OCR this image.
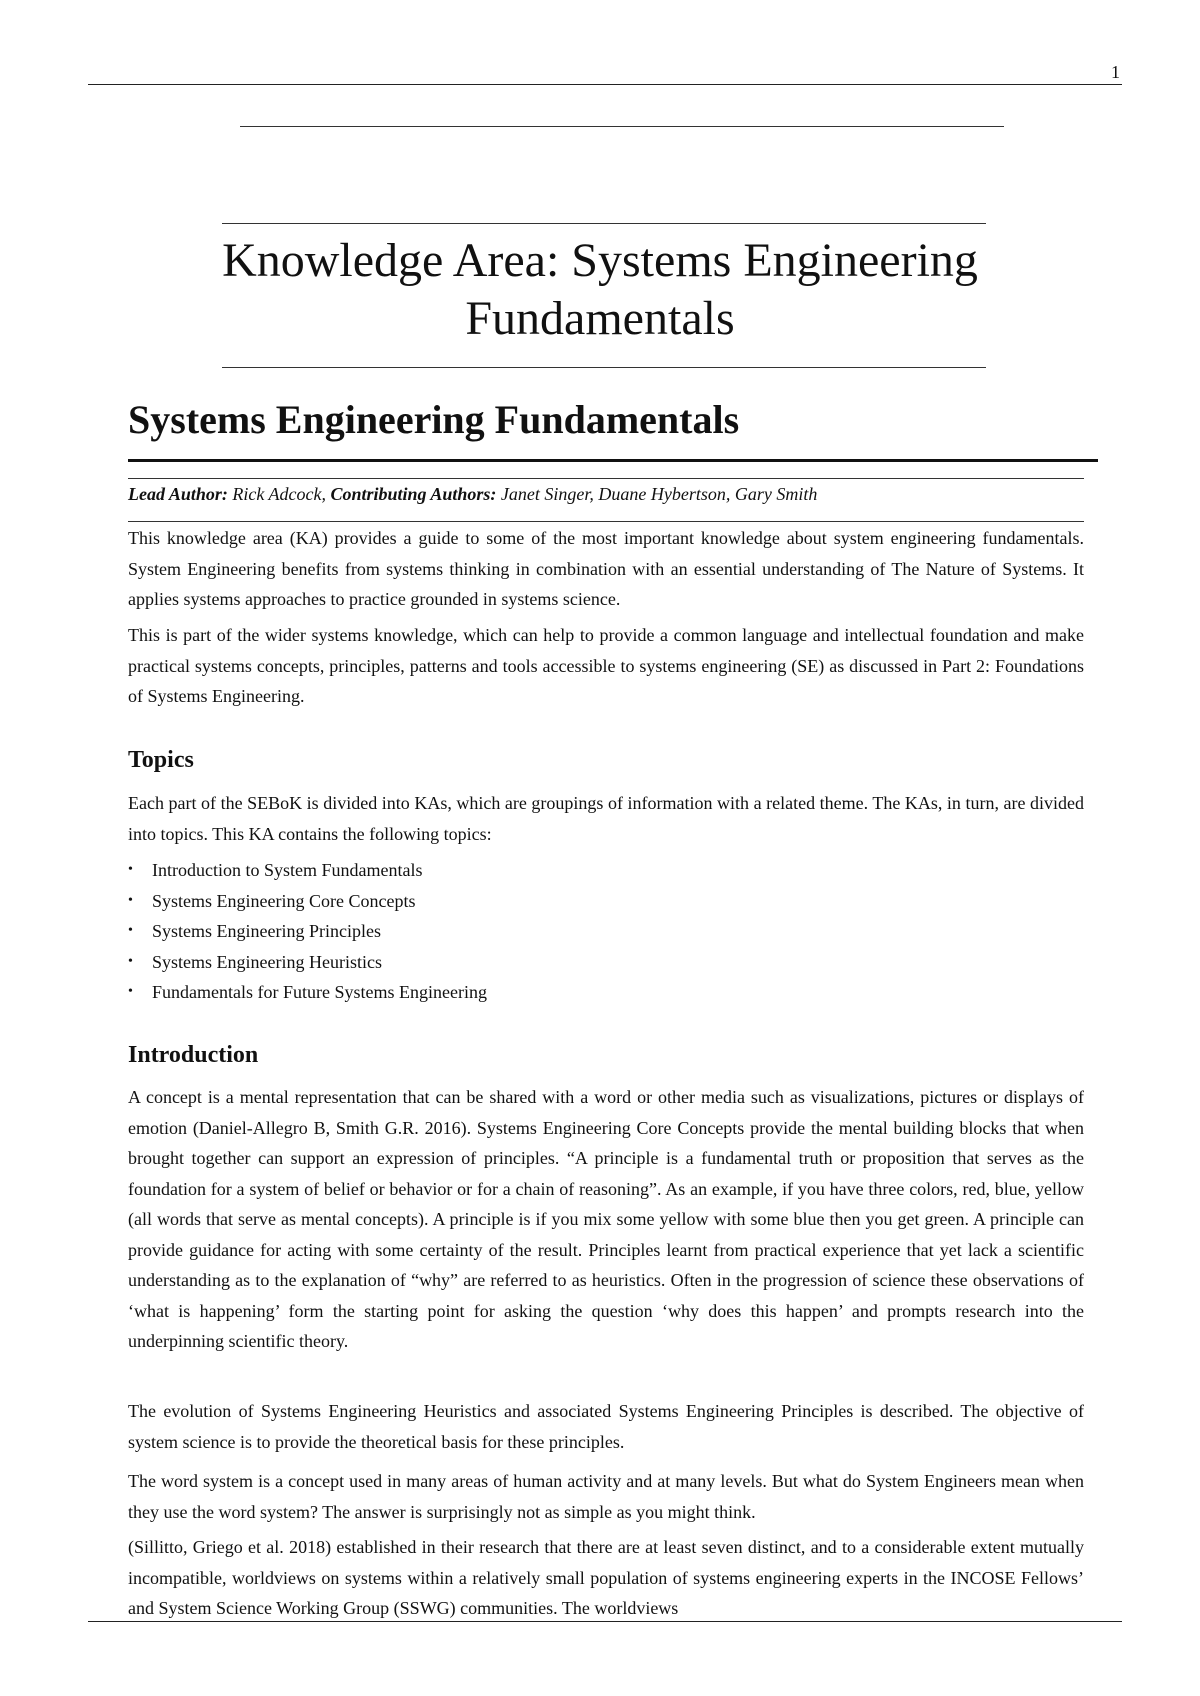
1
Knowledge Area: Systems Engineering Fundamentals
Systems Engineering Fundamentals
Lead Author: Rick Adcock, Contributing Authors: Janet Singer, Duane Hybertson, Gary Smith

This knowledge area (KA) provides a guide to some of the most important knowledge about system engineering fundamentals. System Engineering benefits from systems thinking in combination with an essential understanding of The Nature of Systems. It applies systems approaches to practice grounded in systems science.

This is part of the wider systems knowledge, which can help to provide a common language and intellectual foundation and make practical systems concepts, principles, patterns and tools accessible to systems engineering (SE) as discussed in Part 2: Foundations of Systems Engineering.

Topics

Each part of the SEBoK is divided into KAs, which are groupings of information with a related theme. The KAs, in turn, are divided into topics. This KA contains the following topics:

• Introduction to System Fundamentals
• Systems Engineering Core Concepts
• Systems Engineering Principles
• Systems Engineering Heuristics
• Fundamentals for Future Systems Engineering
Introduction

A concept is a mental representation that can be shared with a word or other media such as visualizations, pictures or displays of emotion (Daniel-Allegro B, Smith G.R. 2016). Systems Engineering Core Concepts provide the mental building blocks that when brought together can support an expression of principles. “A principle is a fundamental truth or proposition that serves as the foundation for a system of belief or behavior or for a chain of reasoning”. As an example, if you have three colors, red, blue, yellow (all words that serve as mental concepts). A principle is if you mix some yellow with some blue then you get green. A principle can provide guidance for acting with some certainty of the result. Principles learnt from practical experience that yet lack a scientific understanding as to the explanation of “why” are referred to as heuristics. Often in the progression of science these observations of ‘what is happening’ form the starting point for asking the question ‘why does this happen’ and prompts research into the underpinning scientific theory.

The evolution of Systems Engineering Heuristics and associated Systems Engineering Principles is described. The objective of system science is to provide the theoretical basis for these principles.

The word system is a concept used in many areas of human activity and at many levels. But what do System Engineers mean when they use the word system? The answer is surprisingly not as simple as you might think.

(Sillitto, Griego et al. 2018) established in their research that there are at least seven distinct, and to a considerable extent mutually incompatible, worldviews on systems within a relatively small population of systems engineering experts in the INCOSE Fellows’ and System Science Working Group (SSWG) communities. The worldviews
